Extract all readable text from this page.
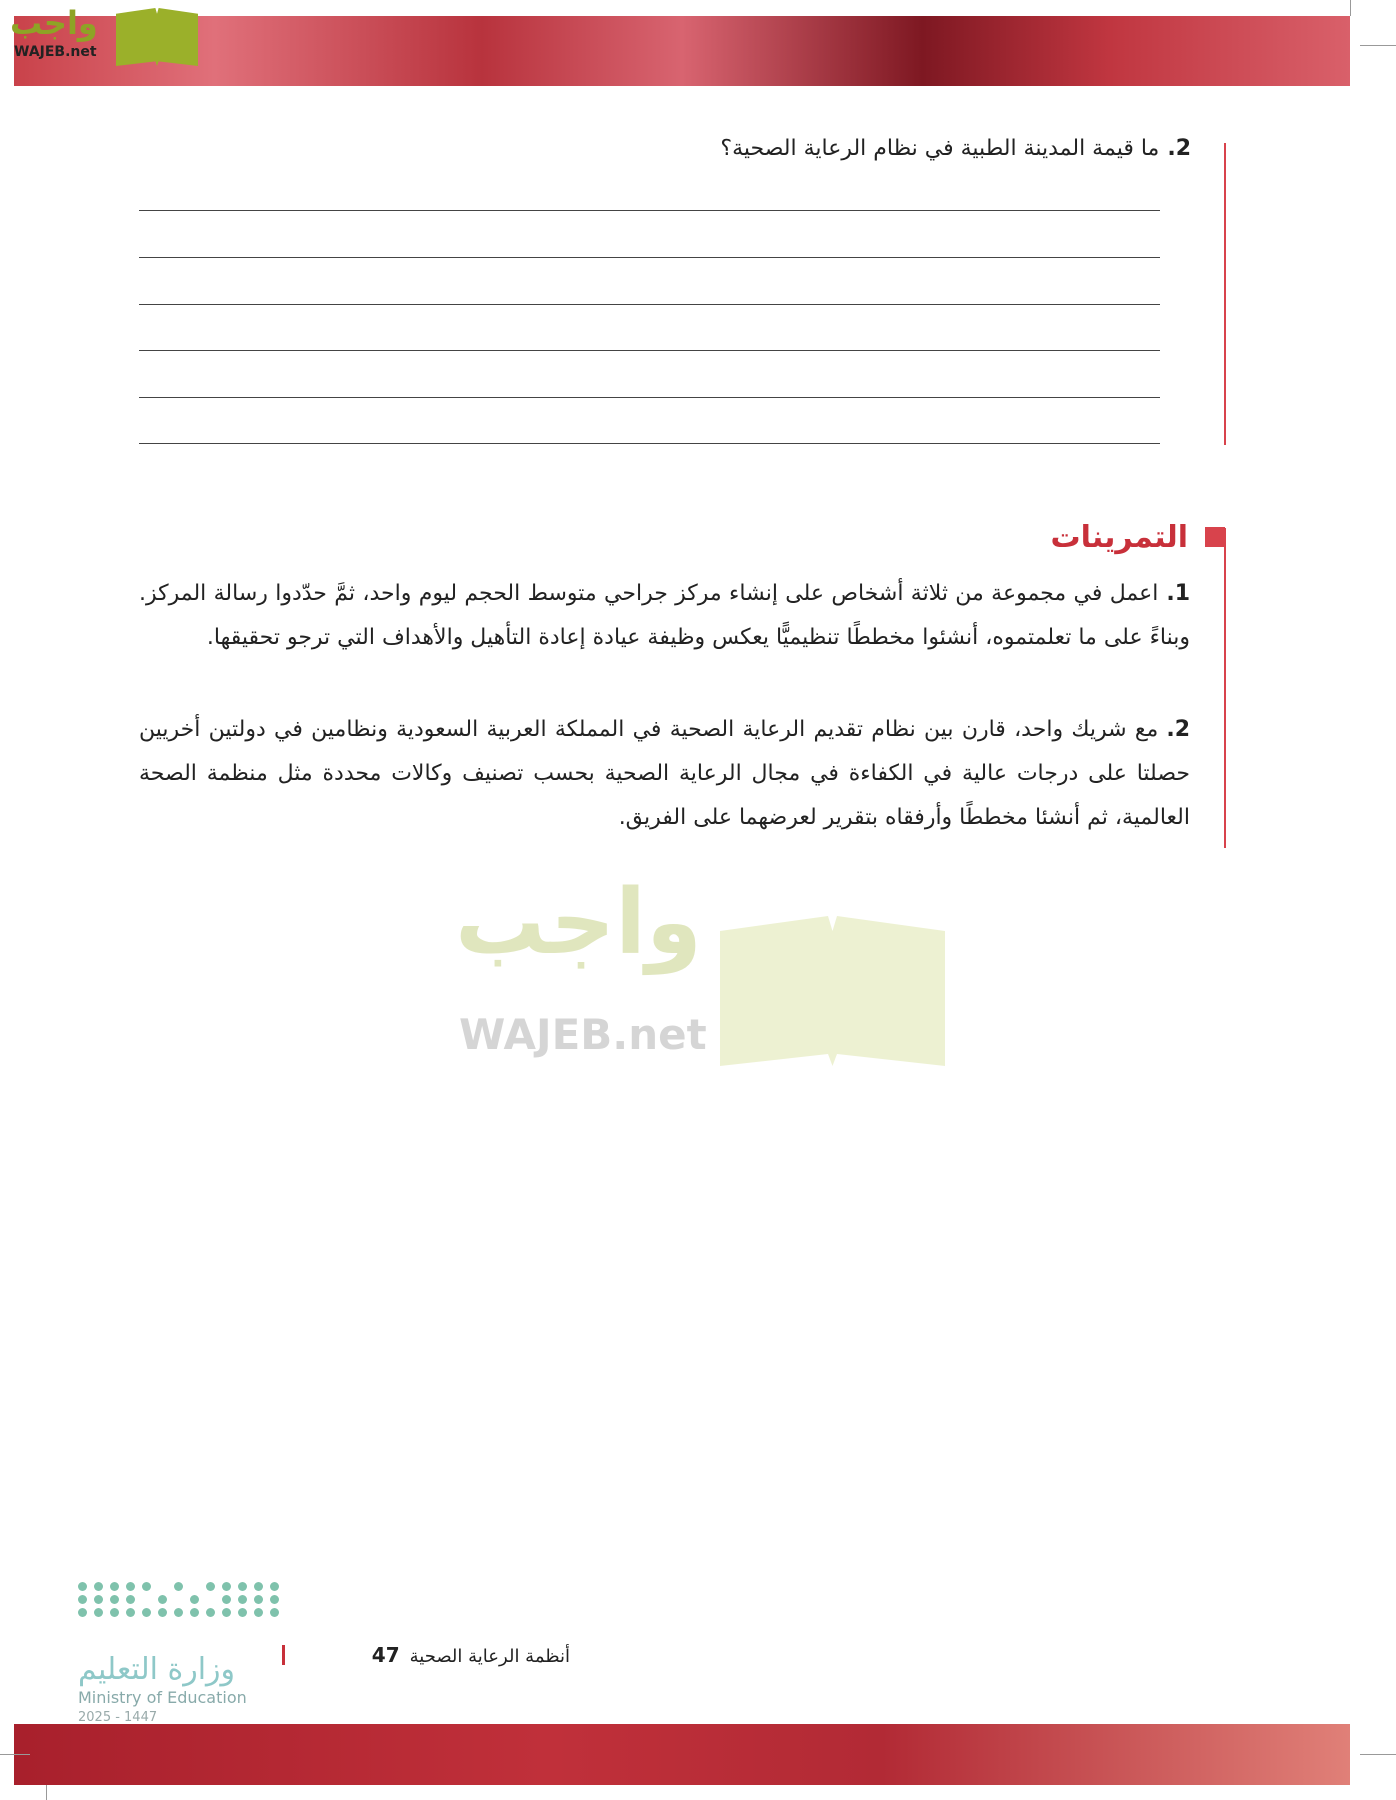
واجب
WAJEB.net
2.ما قيمة المدينة الطبية في نظام الرعاية الصحية؟
التمرينات
واجب
WAJEB.net
1.اعمل في مجموعة من ثلاثة أشخاص على إنشاء مركز جراحي متوسط الحجم ليوم واحد، ثمَّ حدّدوا رسالة المركز. وبناءً على ما تعلمتموه، أنشئوا مخططًا تنظيميًّا يعكس وظيفة عيادة إعادة التأهيل والأهداف التي ترجو تحقيقها.
2.مع شريك واحد، قارن بين نظام تقديم الرعاية الصحية في المملكة العربية السعودية ونظامين في دولتين أخريين حصلتا على درجات عالية في الكفاءة في مجال الرعاية الصحية بحسب تصنيف وكالات محددة مثل منظمة الصحة العالمية، ثم أنشئا مخططًا وأرفقاه بتقرير لعرضهما على الفريق.
وزارة التعليم
Ministry of Education
2025 - 1447
أنظمة الرعاية الصحية47
